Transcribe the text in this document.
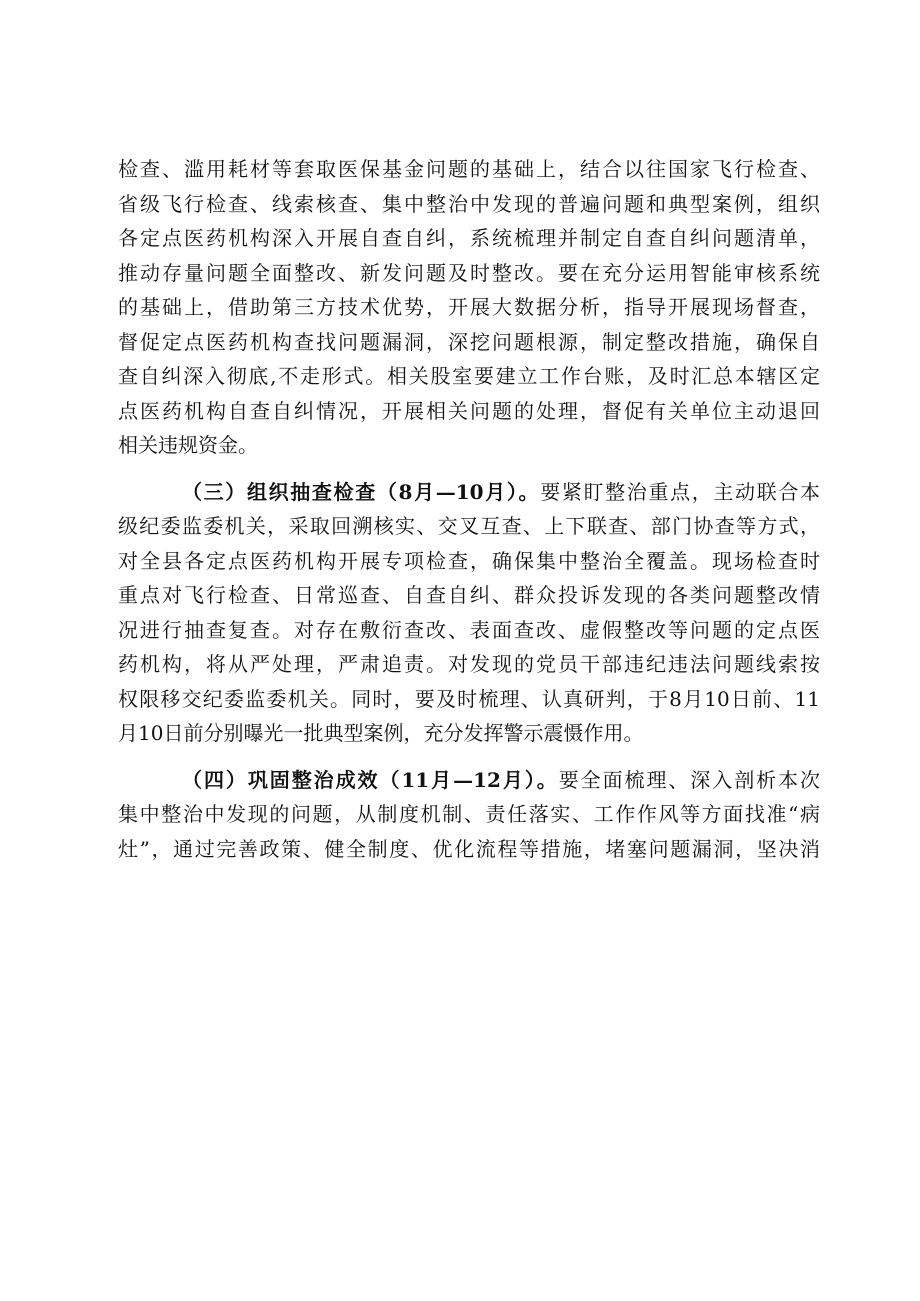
检查、滥用耗材等套取医保基金问题的基础上，结合以往国家飞行检查、
省级飞行检查、线索核查、集中整治中发现的普遍问题和典型案例，组织
各定点医药机构深入开展自查自纠，系统梳理并制定自查自纠问题清单，
推动存量问题全面整改、新发问题及时整改。要在充分运用智能审核系统
的基础上，借助第三方技术优势，开展大数据分析，指导开展现场督查，
督促定点医药机构查找问题漏洞，深挖问题根源，制定整改措施，确保自
查自纠深入彻底,不走形式。相关股室要建立工作台账，及时汇总本辖区定
点医药机构自查自纠情况，开展相关问题的处理，督促有关单位主动退回
相关违规资金。
（三）组织抽查检查（8月—10月）。要紧盯整治重点，主动联合本
级纪委监委机关，采取回溯核实、交叉互查、上下联查、部门协查等方式，
对全县各定点医药机构开展专项检查，确保集中整治全覆盖。现场检查时
重点对飞行检查、日常巡查、自查自纠、群众投诉发现的各类问题整改情
况进行抽查复查。对存在敷衍查改、表面查改、虚假整改等问题的定点医
药机构，将从严处理，严肃追责。对发现的党员干部违纪违法问题线索按
权限移交纪委监委机关。同时，要及时梳理、认真研判，于8月10日前、11
月10日前分别曝光一批典型案例，充分发挥警示震慑作用。
（四）巩固整治成效（11月—12月）。要全面梳理、深入剖析本次
集中整治中发现的问题，从制度机制、责任落实、工作作风等方面找准“病
灶”，通过完善政策、健全制度、优化流程等措施，堵塞问题漏洞，坚决消
